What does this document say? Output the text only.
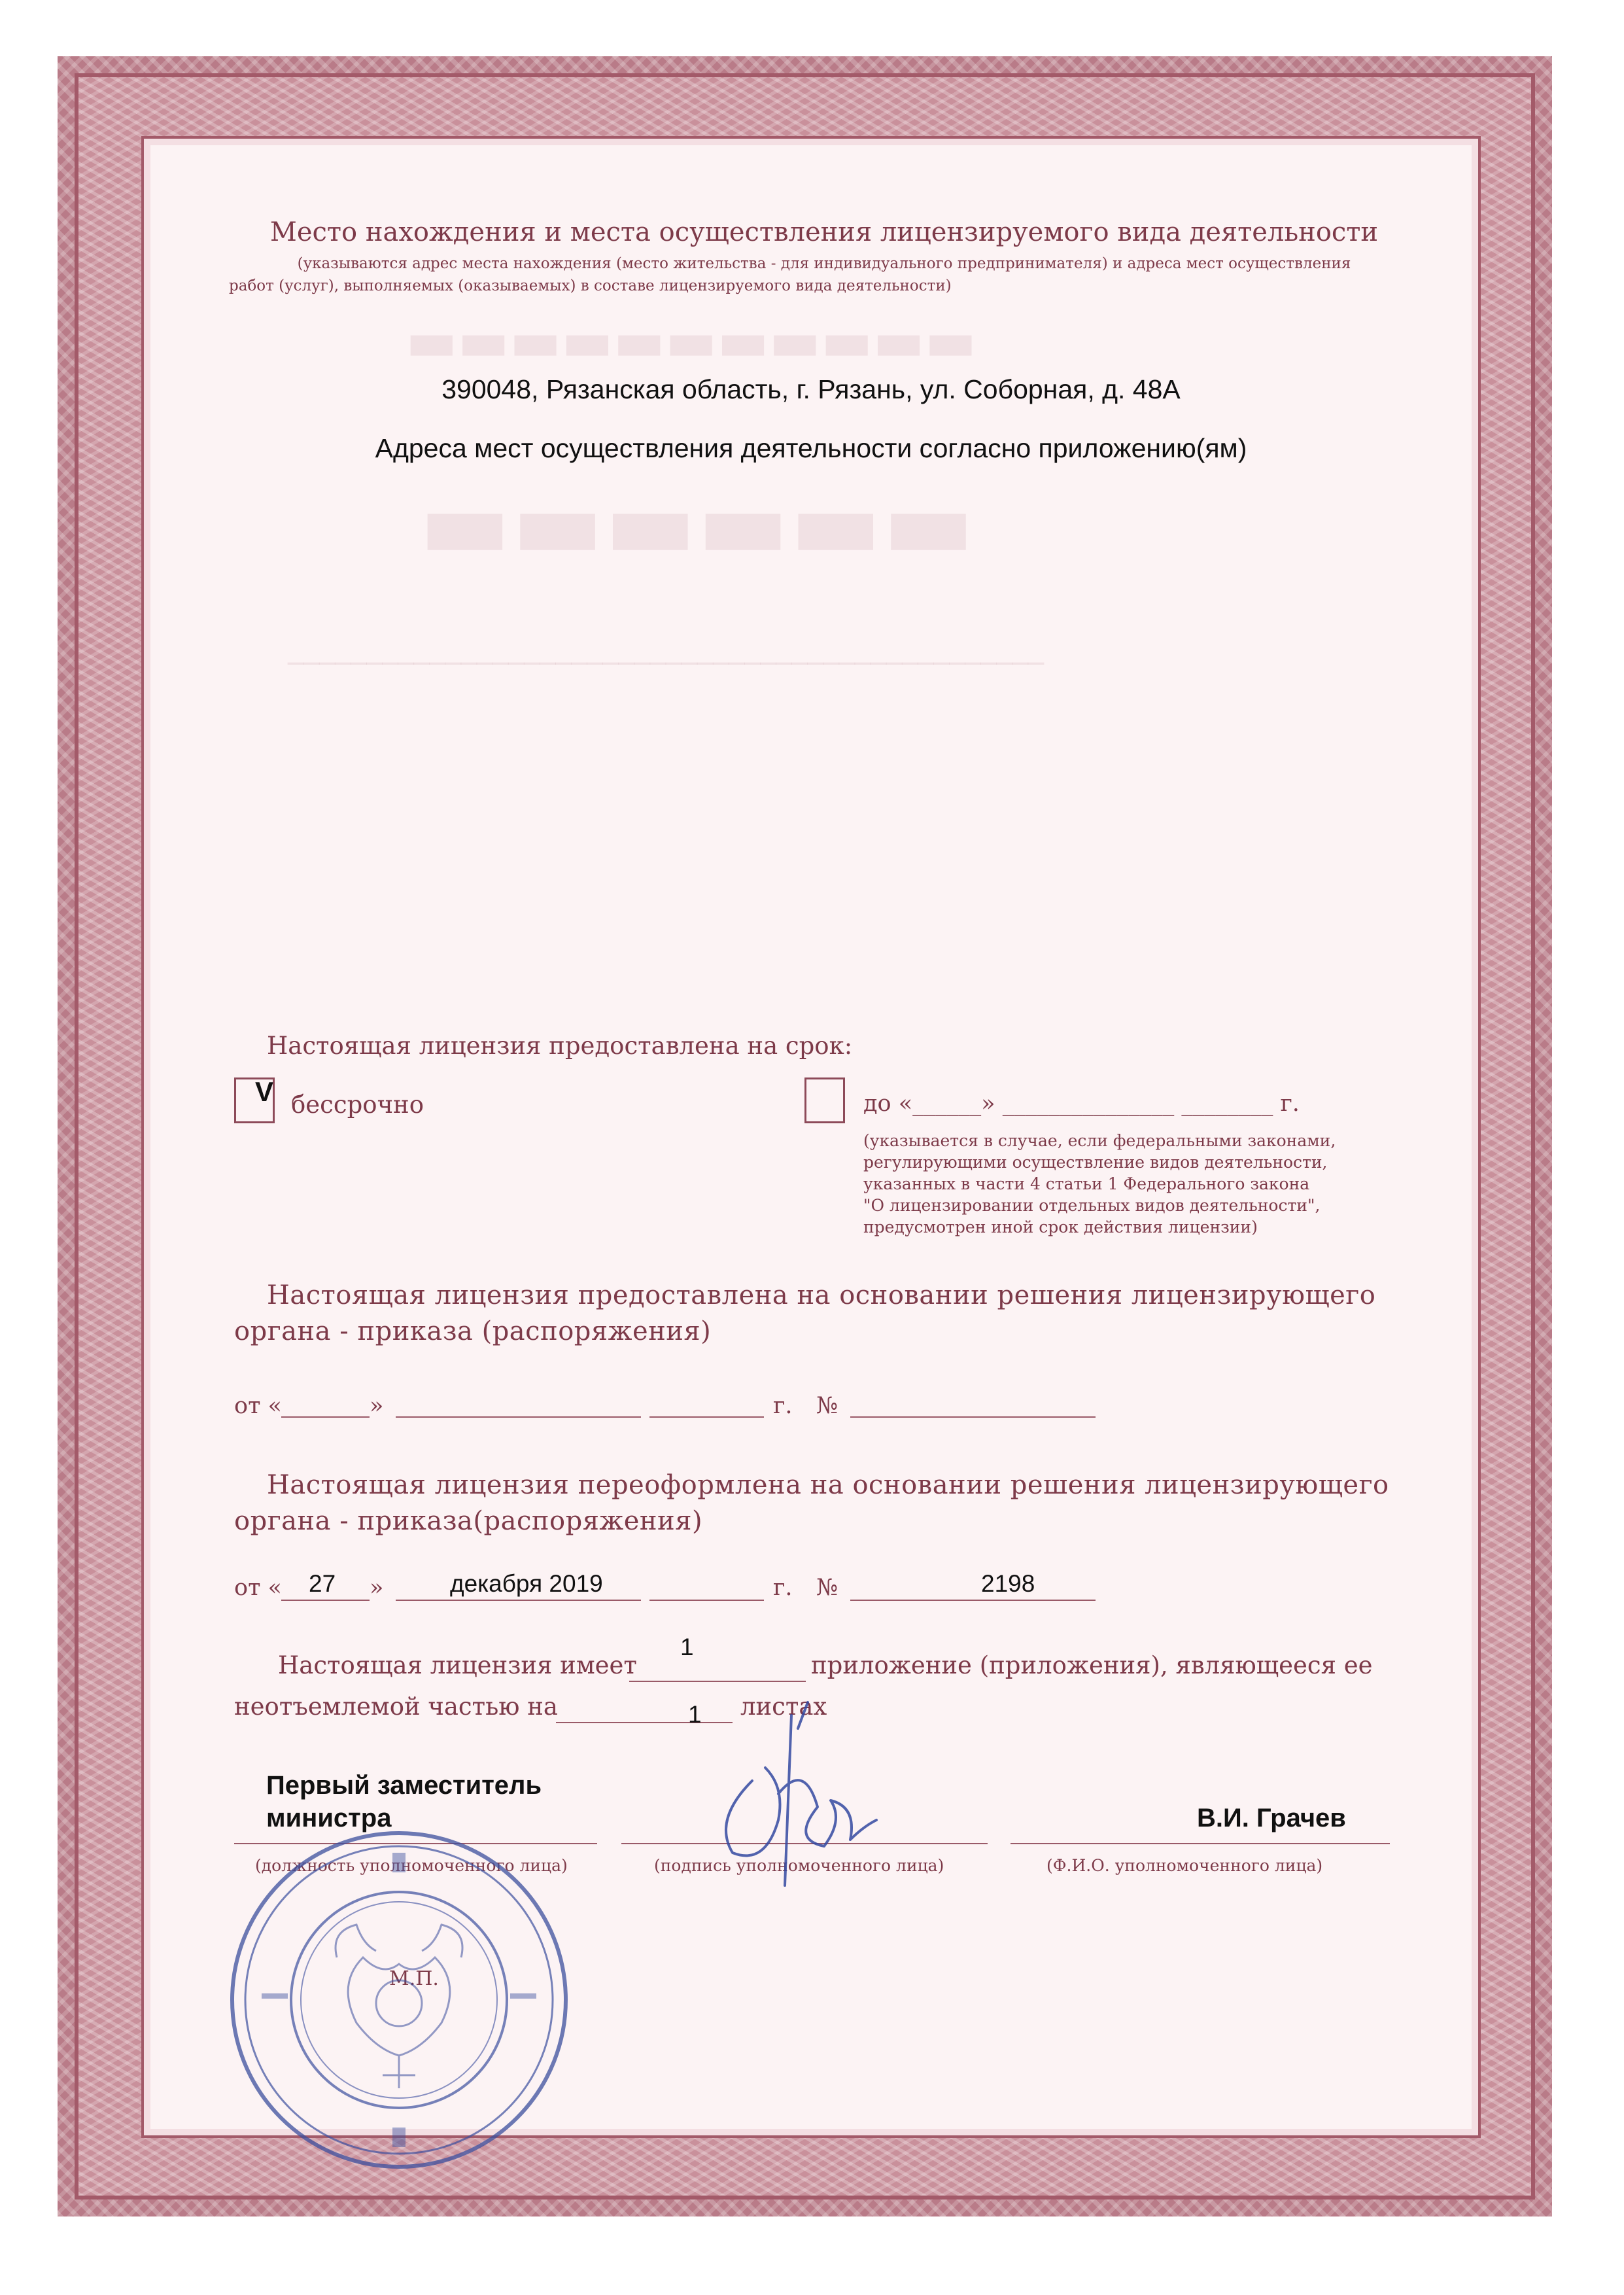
▬▬▬▬▬▬▬▬▬▬▬
▬▬▬▬▬▬
────────────────────────────────────────────────
Место нахождения и места осуществления лицензируемого вида деятельности
(указываются адрес места нахождения (место жительства - для индивидуального предпринимателя) и адреса мест осуществления
работ (услуг), выполняемых (оказываемых) в составе лицензируемого вида деятельности)
390048, Рязанская область, г. Рязань, ул. Соборная, д. 48А
Адреса мест осуществления деятельности согласно приложению(ям)
Настоящая лицензия предоставлена на срок:
V бессрочно	до «______» _______________ ________ г.
(указывается в случае, если федеральными законами,
регулирующими осуществление видов деятельности,
указанных в части 4 статьи 1 Федерального закона
"О лицензировании отдельных видов деятельности",
предусмотрен иной срок действия лицензии)
Настоящая лицензия предоставлена на основании решения лицензирующего
органа - приказа (распоряжения)
от «	»	г. №
Настоящая лицензия переоформлена на основании решения лицензирующего
органа - приказа(распоряжения)
от « 27 »	декабря 2019	г. №	2198
Настоящая лицензия имеет
1
приложение (приложения), являющееся ее
неотъемлемой частью на	1 листах
Первый заместитель
министра	В.И. Грачев
(должность уполномоченного лица)	(подпись уполномоченного лица)	(Ф.И.О. уполномоченного лица)
М.П.
